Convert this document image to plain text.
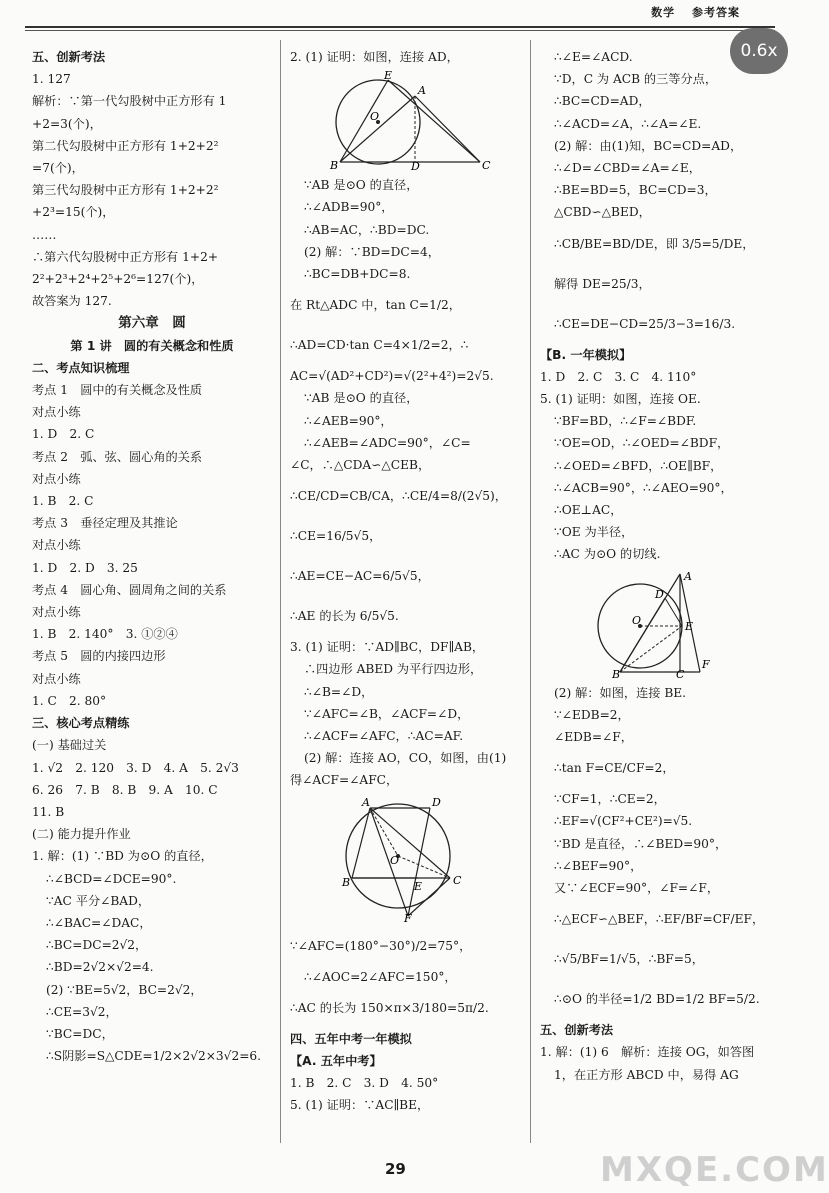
数学 参考答案
0.6x
五、创新考法
1. 127
解析：∵第一代勾股树中正方形有 1
+2=3(个)，
第二代勾股树中正方形有 1+2+2²
=7(个)，
第三代勾股树中正方形有 1+2+2²
+2³=15(个)，
……
∴第六代勾股树中正方形有 1+2+
2²+2³+2⁴+2⁵+2⁶=127(个)，
故答案为 127.
第六章　圆
第 1 讲　圆的有关概念和性质
二、考点知识梳理
考点 1　圆中的有关概念及性质
对点小练
1. D　2. C
考点 2　弧、弦、圆心角的关系
对点小练
1. B　2. C
考点 3　垂径定理及其推论
对点小练
1. D　2. D　3. 25
考点 4　圆心角、圆周角之间的关系
对点小练
1. B　2. 140°　3. ①②④
考点 5　圆的内接四边形
对点小练
1. C　2. 80°
三、核心考点精练
(一) 基础过关
1. √2　2. 120　3. D　4. A　5. 2√3
6. 26　7. B　8. B　9. A　10. C
11. B
(二) 能力提升作业
1. 解：(1) ∵BD 为⊙O 的直径，
∴∠BCD=∠DCE=90°.
∵AC 平分∠BAD，
∴∠BAC=∠DAC，
∴BC=DC=2√2，
∴BD=2√2×√2=4.
(2) ∵BE=5√2，BC=2√2，
∴CE=3√2，
∵BC=DC，
∴S阴影=S△CDE=1/2×2√2×3√2=6.
2. (1) 证明：如图，连接 AD，
E
A
O
B	D	C
∵AB 是⊙O 的直径，
∴∠ADB=90°，
∴AB=AC，∴BD=DC.
(2) 解：∵BD=DC=4，
∴BC=DB+DC=8.
在 Rt△ADC 中，tan C=1/2，
∴AD=CD·tan C=4×1/2=2，∴
AC=√(AD²+CD²)=√(2²+4²)=2√5.
∵AB 是⊙O 的直径，
∴∠AEB=90°，
∴∠AEB=∠ADC=90°，∠C=
∠C，∴△CDA∽△CEB，
∴CE/CD=CB/CA，∴CE/4=8/(2√5)，
∴CE=16/5√5，
∴AE=CE−AC=6/5√5，
∴AE 的长为 6/5√5.
3. (1) 证明：∵AD∥BC，DF∥AB，
∴四边形 ABED 为平行四边形，
∴∠B=∠D，
∵∠AFC=∠B，∠ACF=∠D，
∴∠ACF=∠AFC，∴AC=AF.
(2) 解：连接 AO，CO，如图，由(1)
得∠ACF=∠AFC，
A	D
O
B	E	C
F
∵∠AFC=(180°−30°)/2=75°，
∴∠AOC=2∠AFC=150°，
∴AC 的长为 150×π×3/180=5π/2.
四、五年中考一年模拟
【A. 五年中考】
1. B　2. C　3. D　4. 50°
5. (1) 证明：∵AC∥BE，
∴∠E=∠ACD.
∵D，C 为 ACB 的三等分点，
∴BC=CD=AD，
∴∠ACD=∠A，∴∠A=∠E.
(2) 解：由(1)知，BC=CD=AD，
∴∠D=∠CBD=∠A=∠E，
∴BE=BD=5，BC=CD=3，
△CBD∽△BED，
∴CB/BE=BD/DE，即 3/5=5/DE，
解得 DE=25/3，
∴CE=DE−CD=25/3−3=16/3.
【B. 一年模拟】
1. D　2. C　3. C　4. 110°
5. (1) 证明：如图，连接 OE.
∵BF=BD，∴∠F=∠BDF.
∵OE=OD，∴∠OED=∠BDF，
∴∠OED=∠BFD，∴OE∥BF，
∴∠ACB=90°，∴∠AEO=90°，
∴OE⊥AC，
∵OE 为半径，
∴AC 为⊙O 的切线.
A
O	E
D
B	C
F
(2) 解：如图，连接 BE.
∵∠EDB=2，
∠EDB=∠F，
∴tan F=CE/CF=2，
∵CF=1，∴CE=2，
∴EF=√(CF²+CE²)=√5.
∵BD 是直径，∴∠BED=90°，
∴∠BEF=90°，
又∵∠ECF=90°，∠F=∠F，
∴△ECF∽△BEF，∴EF/BF=CF/EF，
∴√5/BF=1/√5，∴BF=5，
∴⊙O 的半径=1/2 BD=1/2 BF=5/2.
五、创新考法
1. 解：(1) 6　解析：连接 OG，如答图
1，在正方形 ABCD 中，易得 AG
29	MXQE.COM
